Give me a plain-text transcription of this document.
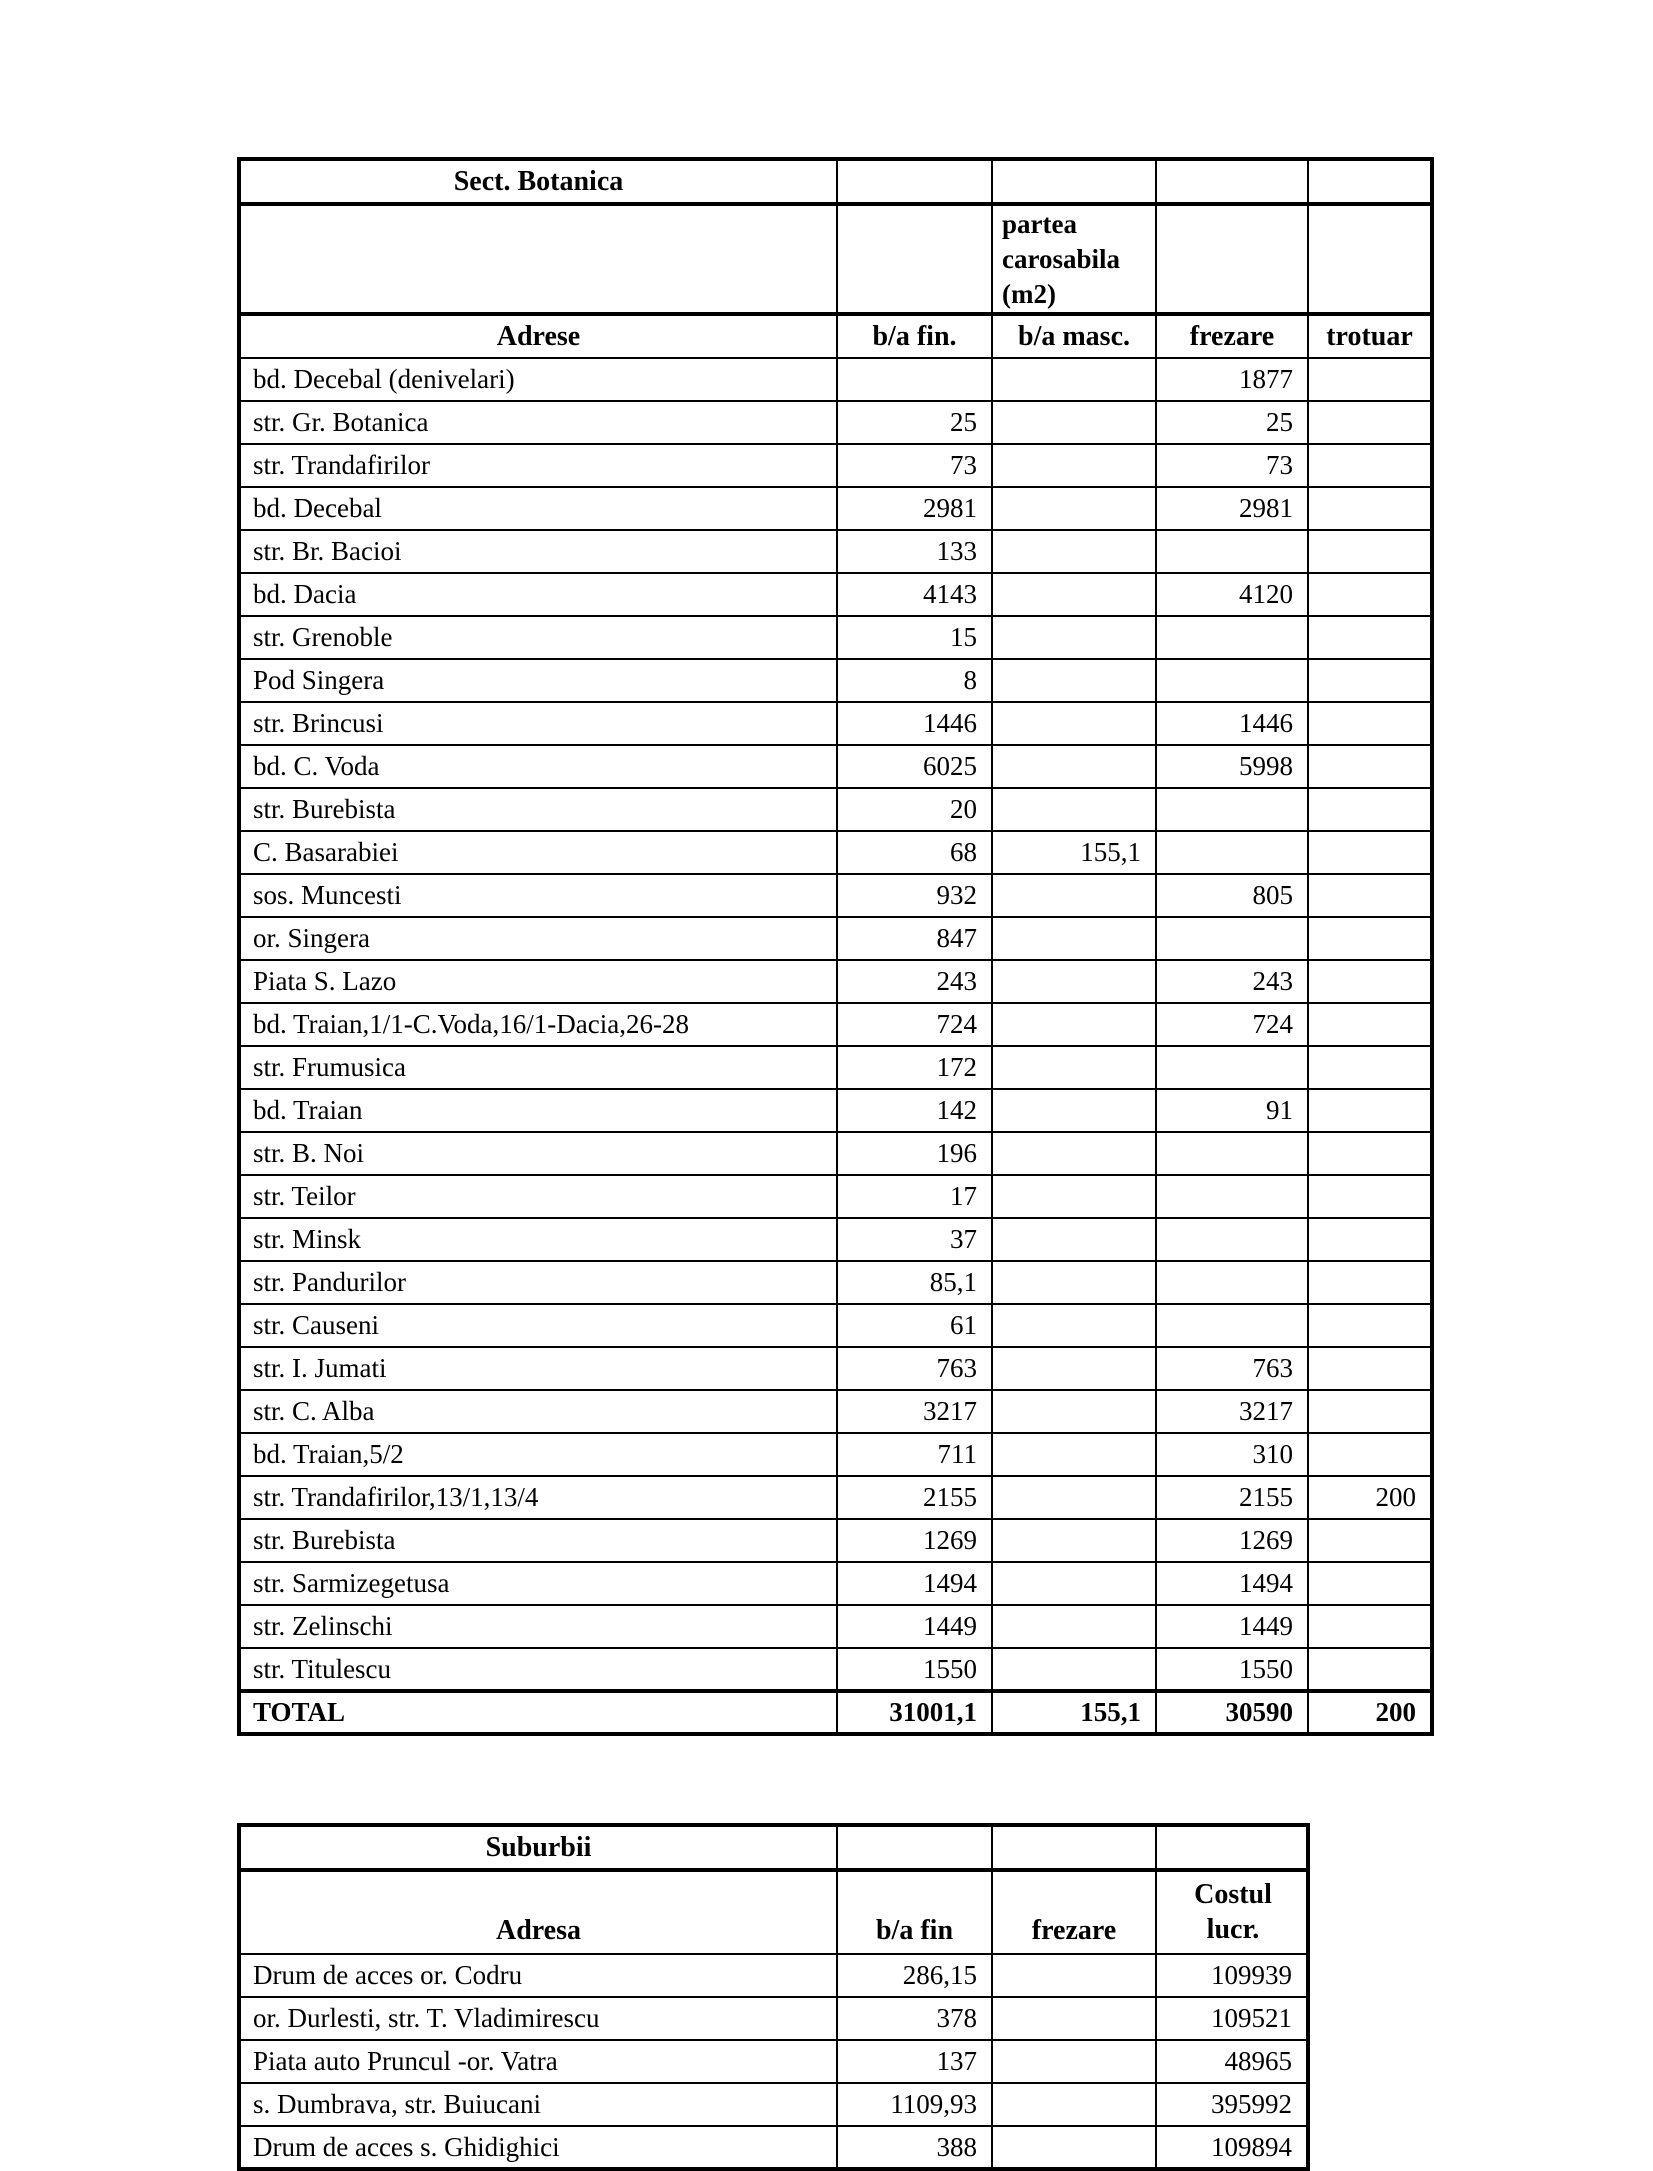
Sect. Botanica				
		partea carosabila (m2)		
Adrese	b/a fin.	b/a masc.	frezare	trotuar
bd. Decebal (denivelari)			1877	
str. Gr. Botanica	25		25	
str. Trandafirilor	73		73	
bd. Decebal	2981		2981	
str. Br. Bacioi	133			
bd. Dacia	4143		4120	
str. Grenoble	15			
Pod Singera	8			
str. Brincusi	1446		1446	
bd. C. Voda	6025		5998	
str. Burebista	20			
C. Basarabiei	68	155,1		
sos. Muncesti	932		805	
or. Singera	847			
Piata S. Lazo	243		243	
bd. Traian,1/1-C.Voda,16/1-Dacia,26-28	724		724	
str. Frumusica	172			
bd. Traian	142		91	
str. B. Noi	196			
str. Teilor	17			
str. Minsk	37			
str. Pandurilor	85,1			
str. Causeni	61			
str. I. Jumati	763		763	
str. C. Alba	3217		3217	
bd. Traian,5/2	711		310	
str. Trandafirilor,13/1,13/4	2155		2155	200
str. Burebista	1269		1269	
str. Sarmizegetusa	1494		1494	
str. Zelinschi	1449		1449	
str. Titulescu	1550		1550	
TOTAL	31001,1	155,1	30590	200
Suburbii			
Adresa	b/a fin	frezare	Costul lucr.
Drum de acces or. Codru	286,15		109939
or. Durlesti, str. T. Vladimirescu	378		109521
Piata auto Pruncul -or. Vatra	137		48965
s. Dumbrava, str. Buiucani	1109,93		395992
Drum de acces s. Ghidighici	388		109894
